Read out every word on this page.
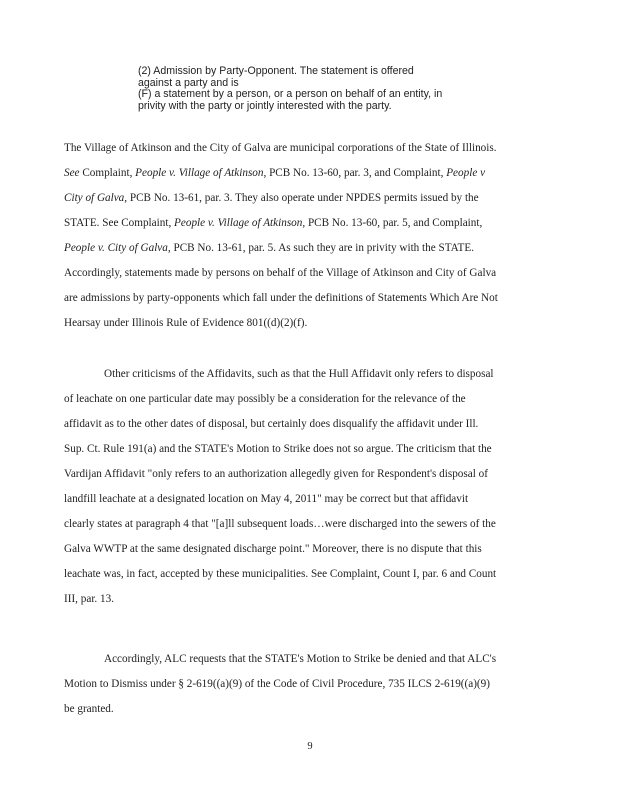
(2) Admission by Party-Opponent. The statement is offered
against a party and is
(F) a statement by a person, or a person on behalf of an entity, in
privity with the party or jointly interested with the party.
The Village of Atkinson and the City of Galva are municipal corporations of the State of Illinois.
See Complaint, People v. Village of Atkinson, PCB No. 13-60, par. 3, and Complaint, People v
City of Galva, PCB No. 13-61, par. 3. They also operate under NPDES permits issued by the
STATE. See Complaint, People v. Village of Atkinson, PCB No. 13-60, par. 5, and Complaint,
People v. City of Galva, PCB No. 13-61, par. 5. As such they are in privity with the STATE.
Accordingly, statements made by persons on behalf of the Village of Atkinson and City of Galva
are admissions by party-opponents which fall under the definitions of Statements Which Are Not
Hearsay under Illinois Rule of Evidence 801((d)(2)(f).
Other criticisms of the Affidavits, such as that the Hull Affidavit only refers to disposal
of leachate on one particular date may possibly be a consideration for the relevance of the
affidavit as to the other dates of disposal, but certainly does disqualify the affidavit under Ill.
Sup. Ct. Rule 191(a) and the STATE's Motion to Strike does not so argue. The criticism that the
Vardijan Affidavit "only refers to an authorization allegedly given for Respondent's disposal of
landfill leachate at a designated location on May 4, 2011" may be correct but that affidavit
clearly states at paragraph 4 that "[a]ll subsequent loads…were discharged into the sewers of the
Galva WWTP at the same designated discharge point." Moreover, there is no dispute that this
leachate was, in fact, accepted by these municipalities. See Complaint, Count I, par. 6 and Count
III, par. 13.
Accordingly, ALC requests that the STATE's Motion to Strike be denied and that ALC's
Motion to Dismiss under § 2-619((a)(9) of the Code of Civil Procedure, 735 ILCS 2-619((a)(9)
be granted.
9
